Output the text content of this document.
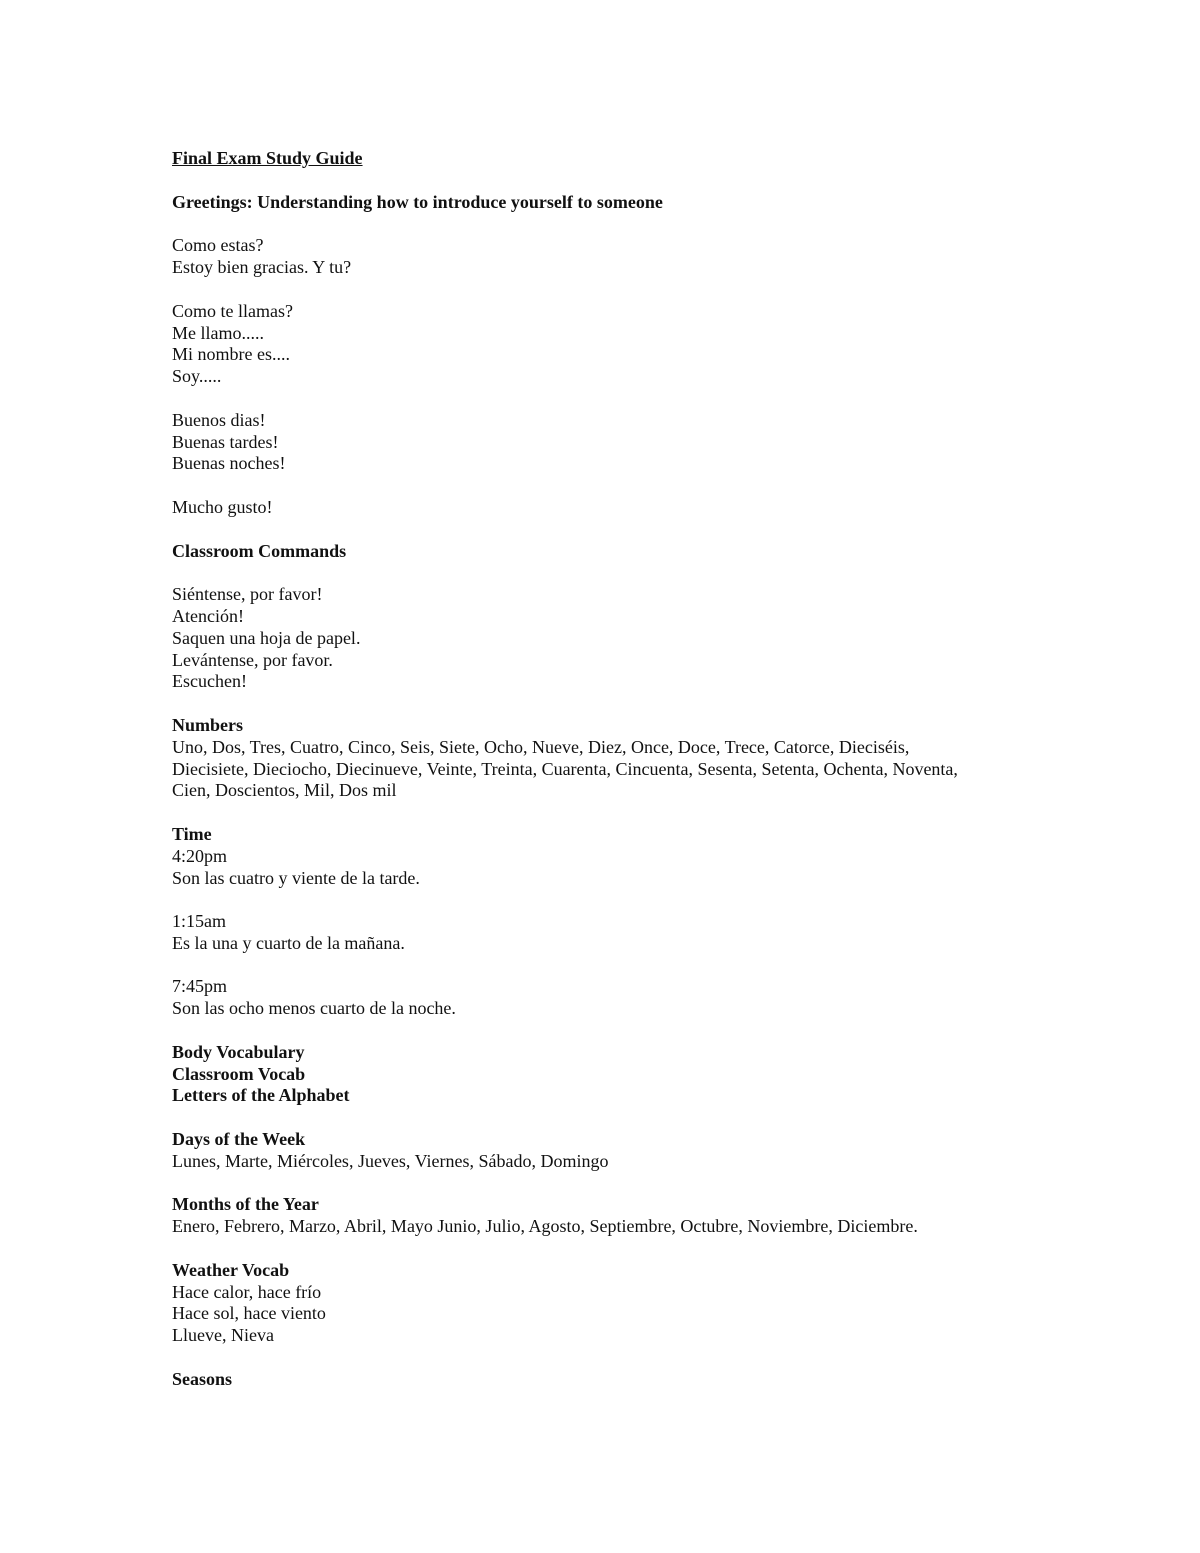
Final Exam Study Guide

Greetings: Understanding how to introduce yourself to someone

Como estas?

Estoy bien gracias. Y tu?

Como te llamas?

Me llamo.....

Mi nombre es....

Soy.....

Buenos dias!

Buenas tardes!

Buenas noches!

Mucho gusto!

Classroom Commands

Siéntense, por favor!

Atención!

Saquen una hoja de papel.

Levántense, por favor.

Escuchen!

Numbers

Uno, Dos, Tres, Cuatro, Cinco, Seis, Siete, Ocho, Nueve, Diez, Once, Doce, Trece, Catorce, Dieciséis,

Diecisiete, Dieciocho, Diecinueve, Veinte, Treinta, Cuarenta, Cincuenta, Sesenta, Setenta, Ochenta, Noventa,

Cien, Doscientos, Mil, Dos mil

Time

4:20pm

Son las cuatro y viente de la tarde.

1:15am

Es la una y cuarto de la mañana.

7:45pm

Son las ocho menos cuarto de la noche.

Body Vocabulary

Classroom Vocab

Letters of the Alphabet

Days of the Week

Lunes, Marte, Miércoles, Jueves, Viernes, Sábado, Domingo

Months of the Year

Enero, Febrero, Marzo, Abril, Mayo Junio, Julio, Agosto, Septiembre, Octubre, Noviembre, Diciembre.

Weather Vocab

Hace calor, hace frío

Hace sol, hace viento

Llueve, Nieva

Seasons
